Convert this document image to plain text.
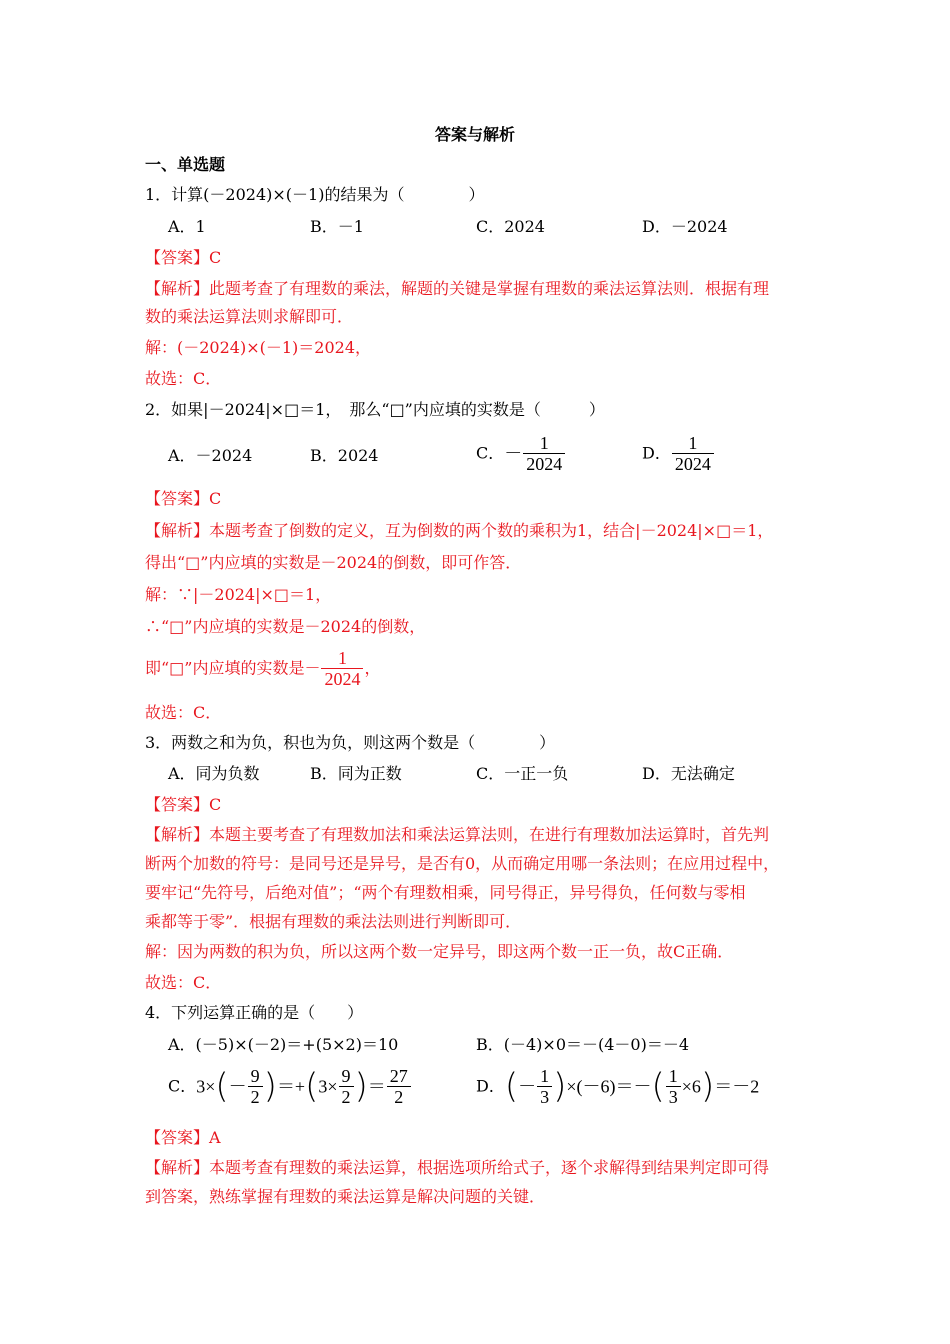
答案与解析
一、单选题
1．计算(－2024)×(－1)的结果为（　　　　）
A．1	B．－1	C．2024	D．－2024
【答案】C
【解析】此题考查了有理数的乘法，解题的关键是掌握有理数的乘法运算法则．根据有理
数的乘法运算法则求解即可．
解：(－2024)×(－1)＝2024，
故选：C．
2．如果|－2024|×□＝1，　那么“□”内应填的实数是（　　　）
A．－2024	B．2024	C．－ $\frac{1}{2024}$	D． $\frac{1}{2024}$
【答案】C
【解析】本题考查了倒数的定义，互为倒数的两个数的乘积为1，结合|－2024|×□＝1，
得出“□”内应填的实数是－2024的倒数，即可作答．
解：∵|－2024|×□＝1，
∴“□”内应填的实数是－2024的倒数，
即“□”内应填的实数是－ $\frac{1}{2024}$ ，
故选：C．
3．两数之和为负，积也为负，则这两个数是（　　　　）
A．同为负数	B．同为正数	C．一正一负	D．无法确定
【答案】C
【解析】本题主要考查了有理数加法和乘法运算法则，在进行有理数加法运算时，首先判
断两个加数的符号：是同号还是异号，是否有0，从而确定用哪一条法则；在应用过程中，
要牢记“先符号，后绝对值”；“两个有理数相乘，同号得正，异号得负，任何数与零相
乘都等于零”．根据有理数的乘法法则进行判断即可．
解：因为两数的积为负，所以这两个数一定异号，即这两个数一正一负，故C正确．
故选：C．
4．下列运算正确的是（　　）
A．(－5)×(－2)＝+(5×2)＝10	B．(－4)×0＝－(4－0)＝－4
C．$3\times(- \frac{9}{2} )=+(3\times \frac{9}{2}$ )＝ $\frac{27}{2}$	D．(－ $\frac{1}{3} )\times(-6)=-( \frac{1}{3} \times 6)=-2$
【答案】A
【解析】本题考查有理数的乘法运算，根据选项所给式子，逐个求解得到结果判定即可得
到答案，熟练掌握有理数的乘法运算是解决问题的关键．
